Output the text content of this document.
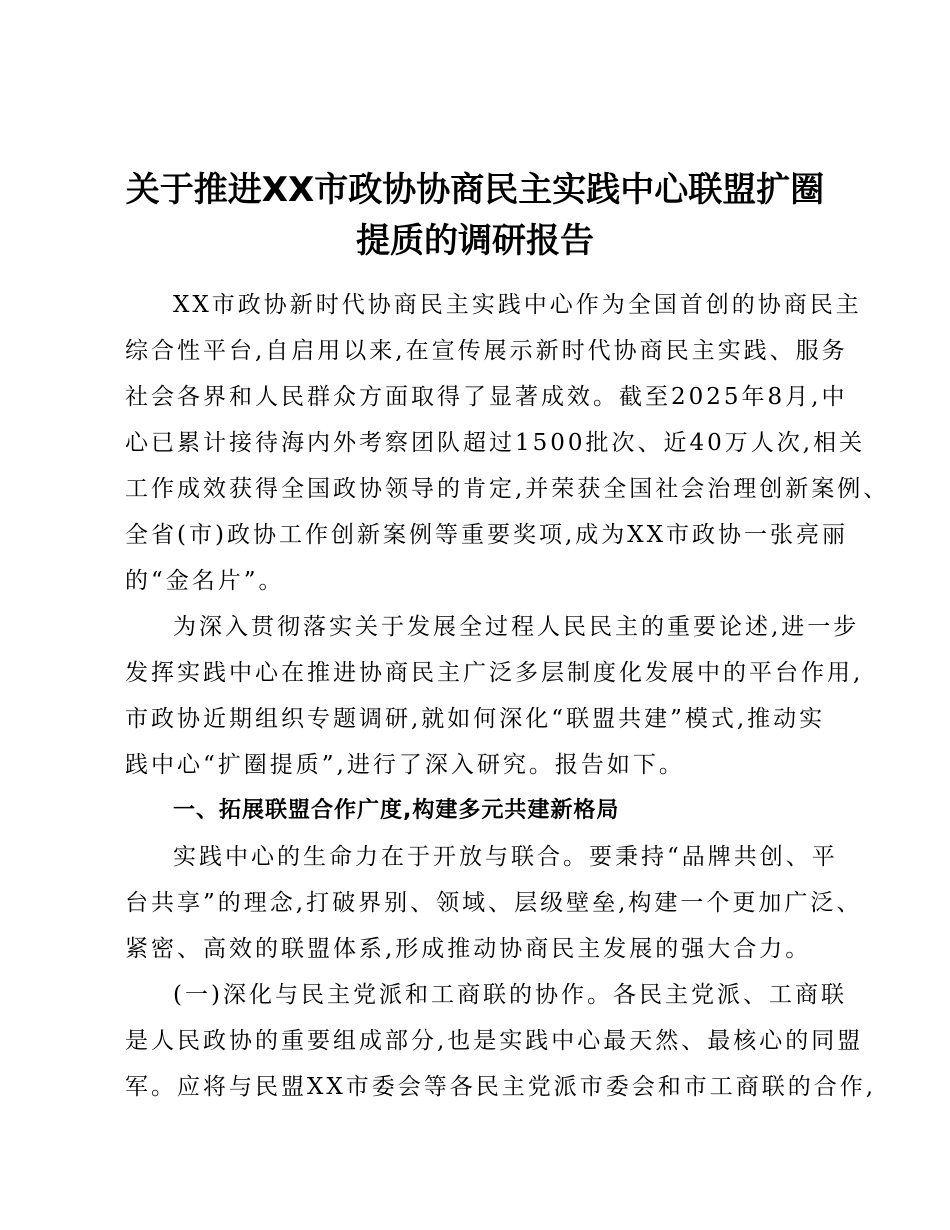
关于推进XX市政协协商民主实践中心联盟扩圈
提质的调研报告
XX市政协新时代协商民主实践中心作为全国首创的协商民主
综合性平台,自启用以来,在宣传展示新时代协商民主实践、服务
社会各界和人民群众方面取得了显著成效。截至2025年8月,中
心已累计接待海内外考察团队超过1500批次、近40万人次,相关
工作成效获得全国政协领导的肯定,并荣获全国社会治理创新案例、
全省(市)政协工作创新案例等重要奖项,成为XX市政协一张亮丽
的“金名片”。
为深入贯彻落实关于发展全过程人民民主的重要论述,进一步
发挥实践中心在推进协商民主广泛多层制度化发展中的平台作用,
市政协近期组织专题调研,就如何深化“联盟共建”模式,推动实
践中心“扩圈提质”,进行了深入研究。报告如下。
一、拓展联盟合作广度,构建多元共建新格局
实践中心的生命力在于开放与联合。要秉持“品牌共创、平
台共享”的理念,打破界别、领域、层级壁垒,构建一个更加广泛、
紧密、高效的联盟体系,形成推动协商民主发展的强大合力。
(一)深化与民主党派和工商联的协作。各民主党派、工商联
是人民政协的重要组成部分,也是实践中心最天然、最核心的同盟
军。应将与民盟XX市委会等各民主党派市委会和市工商联的合作,
